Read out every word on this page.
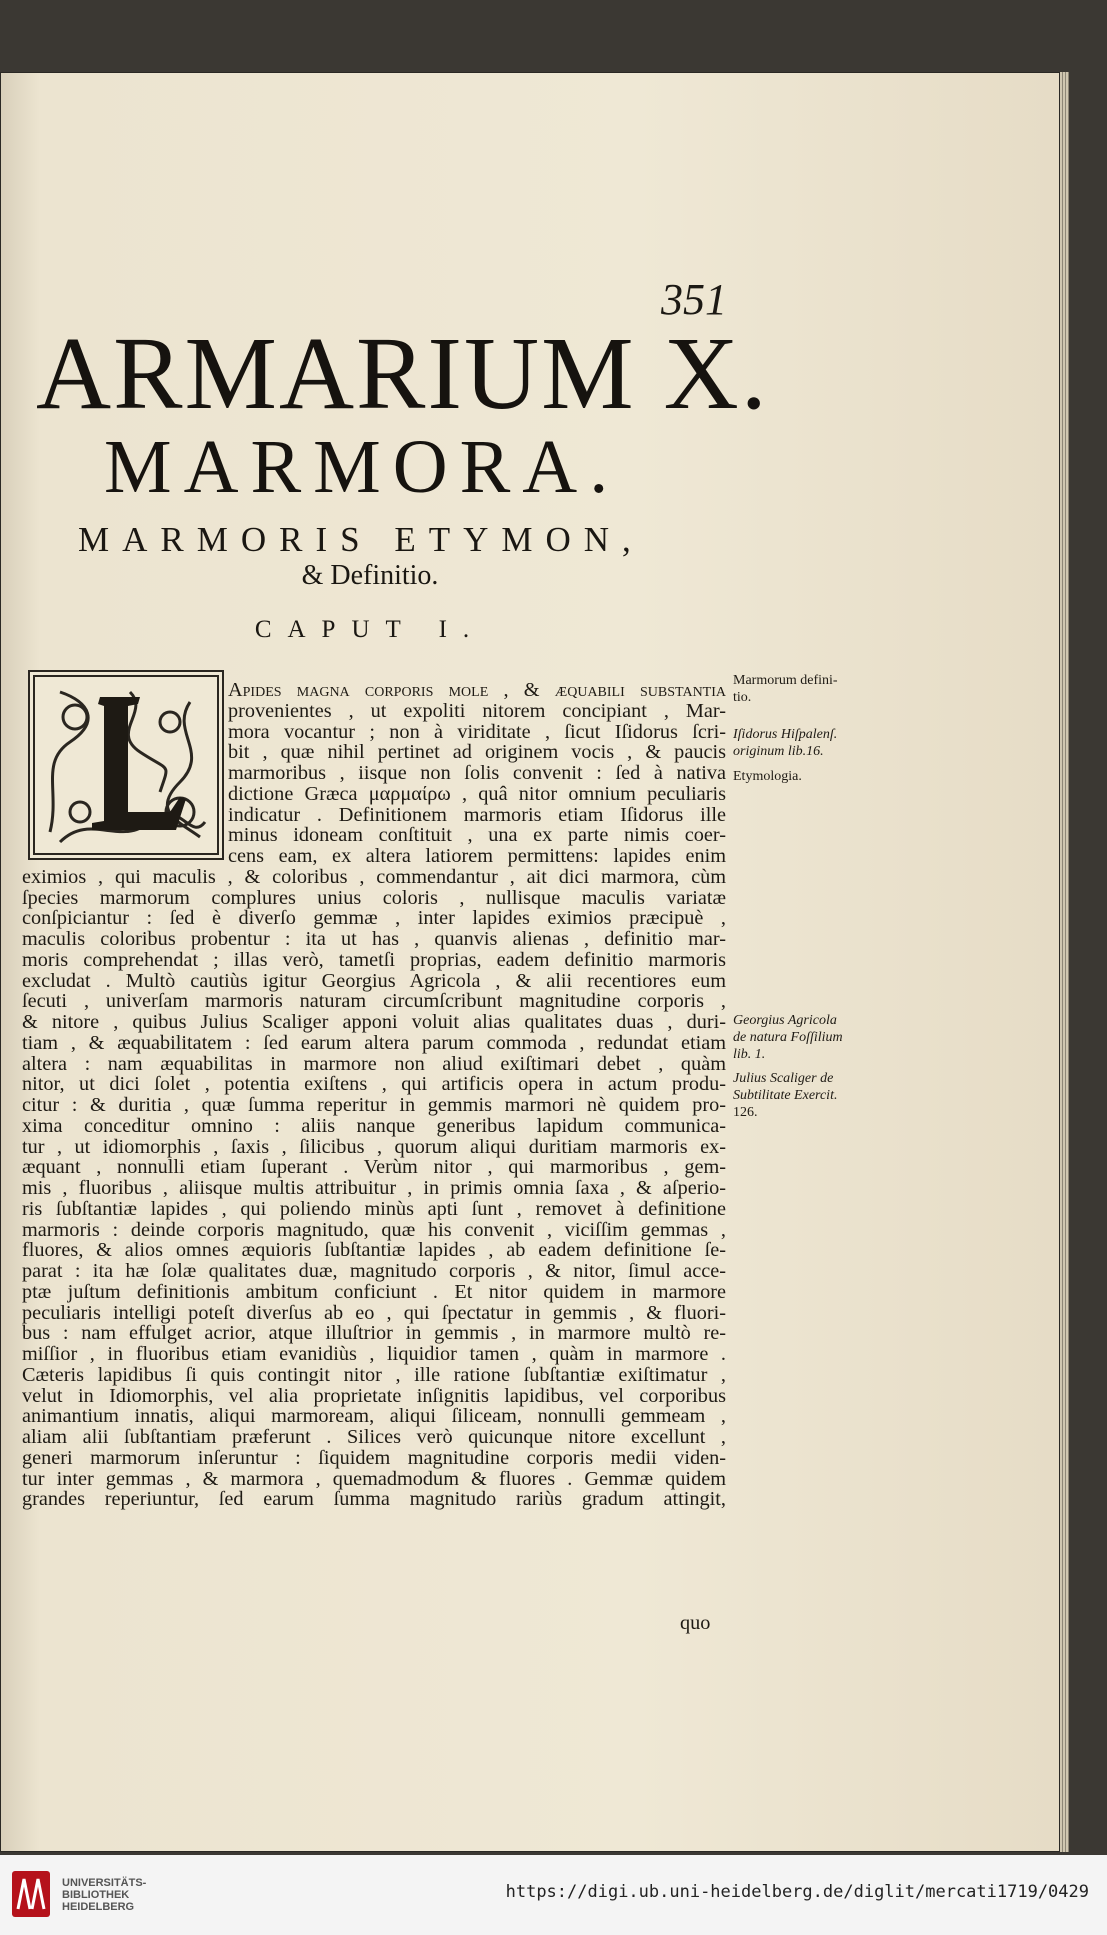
351
ARMARIUM X.
MARMORA.
MARMORIS ETYMON,
& Definitio.
CAPUT I.
Apides magna corporis mole , & æquabili ſubſtantia
provenientes , ut expoliti nitorem concipiant , Mar-
mora vocantur ; non à viriditate , ſicut Iſidorus ſcri-
bit , quæ nihil pertinet ad originem vocis , & paucis
marmoribus , iisque non ſolis convenit : ſed à nativa
dictione Græca μαρμαίρω , quâ nitor omnium peculiaris
indicatur . Definitionem marmoris etiam Iſidorus ille
minus idoneam conſtituit , una ex parte nimis coer-
cens eam, ex altera latiorem permittens: lapides enim
eximios , qui maculis , & coloribus , commendantur , ait dici marmora, cùm
ſpecies marmorum complures unius coloris , nullisque maculis variatæ
conſpiciantur : ſed è diverſo gemmæ , inter lapides eximios præcipuè ,
maculis coloribus probentur : ita ut has , quanvis alienas , definitio mar-
moris comprehendat ; illas verò, tametſi proprias, eadem definitio marmoris
excludat . Multò cautiùs igitur Georgius Agricola , & alii recentiores eum
ſecuti , univerſam marmoris naturam circumſcribunt magnitudine corporis ,
& nitore , quibus Julius Scaliger apponi voluit alias qualitates duas , duri-
tiam , & æquabilitatem : ſed earum altera parum commoda , redundat etiam
altera : nam æquabilitas in marmore non aliud exiſtimari debet , quàm
nitor, ut dici ſolet , potentia exiſtens , qui artificis opera in actum produ-
citur : & duritia , quæ ſumma reperitur in gemmis marmori nè quidem pro-
xima conceditur omnino : aliis nanque generibus lapidum communica-
tur , ut idiomorphis , ſaxis , ſilicibus , quorum aliqui duritiam marmoris ex-
æquant , nonnulli etiam ſuperant . Verùm nitor , qui marmoribus , gem-
mis , fluoribus , aliisque multis attribuitur , in primis omnia ſaxa , & aſperio-
ris ſubſtantiæ lapides , qui poliendo minùs apti ſunt , removet à definitione
marmoris : deinde corporis magnitudo, quæ his convenit , viciſſim gemmas ,
fluores, & alios omnes æquioris ſubſtantiæ lapides , ab eadem definitione ſe-
parat : ita hæ ſolæ qualitates duæ, magnitudo corporis , & nitor, ſimul acce-
ptæ juſtum definitionis ambitum conficiunt . Et nitor quidem in marmore
peculiaris intelligi poteſt diverſus ab eo , qui ſpectatur in gemmis , & fluori-
bus : nam effulget acrior, atque illuſtrior in gemmis , in marmore multò re-
miſſior , in fluoribus etiam evanidiùs , liquidior tamen , quàm in marmore .
Cæteris lapidibus ſi quis contingit nitor , ille ratione ſubſtantiæ exiſtimatur ,
velut in Idiomorphis, vel alia proprietate inſignitis lapidibus, vel corporibus
animantium innatis, aliqui marmoream, aliqui ſiliceam, nonnulli gemmeam ,
aliam alii ſubſtantiam præferunt . Silices verò quicunque nitore excellunt ,
generi marmorum inſeruntur : ſiquidem magnitudine corporis medii viden-
tur inter gemmas , & marmora , quemadmodum & fluores . Gemmæ quidem
grandes reperiuntur, ſed earum ſumma magnitudo rariùs gradum attingit,
quo
Marmorum defini-
tio.
Iſidorus Hiſpalenſ.
originum lib.16.
Etymologia.
Georgius Agricola
de natura Foſſilium
lib. 1.
Julius Scaliger de
Subtilitate Exercit.
126.
UNIVERSITÄTS-
BIBLIOTHEK
HEIDELBERG
https://digi.ub.uni-heidelberg.de/diglit/mercati1719/0429
